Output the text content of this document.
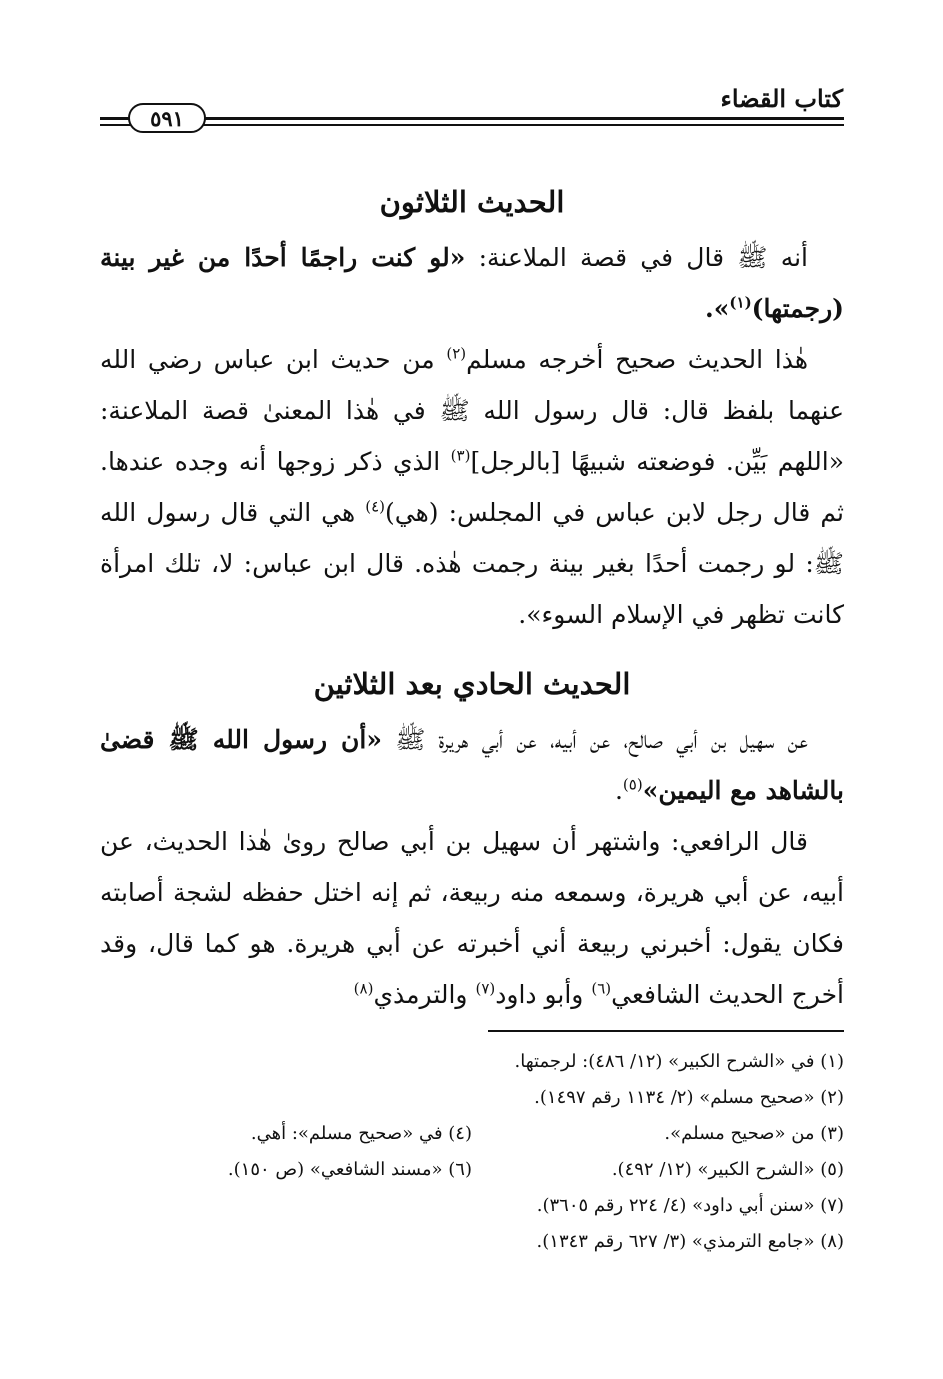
كتاب القضاء
٥٩١
الحديث الثلاثون

أنه ﷺ قال في قصة الملاعنة: «لو كنت راجمًا أحدًا من غير بينة (رجمتها)$^{(١)}$».

هٰذا الحديث صحيح أخرجه مسلم$^{(٢)}$ من حديث ابن عباس رضي الله عنهما بلفظ قال: قال رسول الله ﷺ في هٰذا المعنىٰ قصة الملاعنة: «اللهم بَيِّن. فوضعته شبيهًا [بالرجل]$^{(٣)}$ الذي ذكر زوجها أنه وجده عندها. ثم قال رجل لابن عباس في المجلس: (هي)$^{(٤)}$ هي التي قال رسول الله ﷺ: لو رجمت أحدًا بغير بينة رجمت هٰذه. قال ابن عباس: لا، تلك امرأة كانت تظهر في الإسلام السوء».

الحديث الحادي بعد الثلاثين

عن سهيل بن أبي صالح، عن أبيه، عن أبي هريرة ﷺ «أن رسول الله ﷺ قضىٰ بالشاهد مع اليمين»$^{(٥)}$.

قال الرافعي: واشتهر أن سهيل بن أبي صالح روىٰ هٰذا الحديث، عن أبيه، عن أبي هريرة، وسمعه منه ربيعة، ثم إنه اختل حفظه لشجة أصابته فكان يقول: أخبرني ربيعة أني أخبرته عن أبي هريرة. هو كما قال، وقد أخرج الحديث الشافعي$^{(٦)}$ وأبو داود$^{(٧)}$ والترمذي$^{(٨)}$

(١) في «الشرح الكبير» (١٢/ ٤٨٦): لرجمتها.
(٢) «صحيح مسلم» (٢/ ١١٣٤ رقم ١٤٩٧).
(٣) من «صحيح مسلم».
(٤) في «صحيح مسلم»: أهي.
(٥) «الشرح الكبير» (١٢/ ٤٩٢).
(٦) «مسند الشافعي» (ص ١٥٠).
(٧) «سنن أبي داود» (٤/ ٢٢٤ رقم ٣٦٠٥).
(٨) «جامع الترمذي» (٣/ ٦٢٧ رقم ١٣٤٣).
